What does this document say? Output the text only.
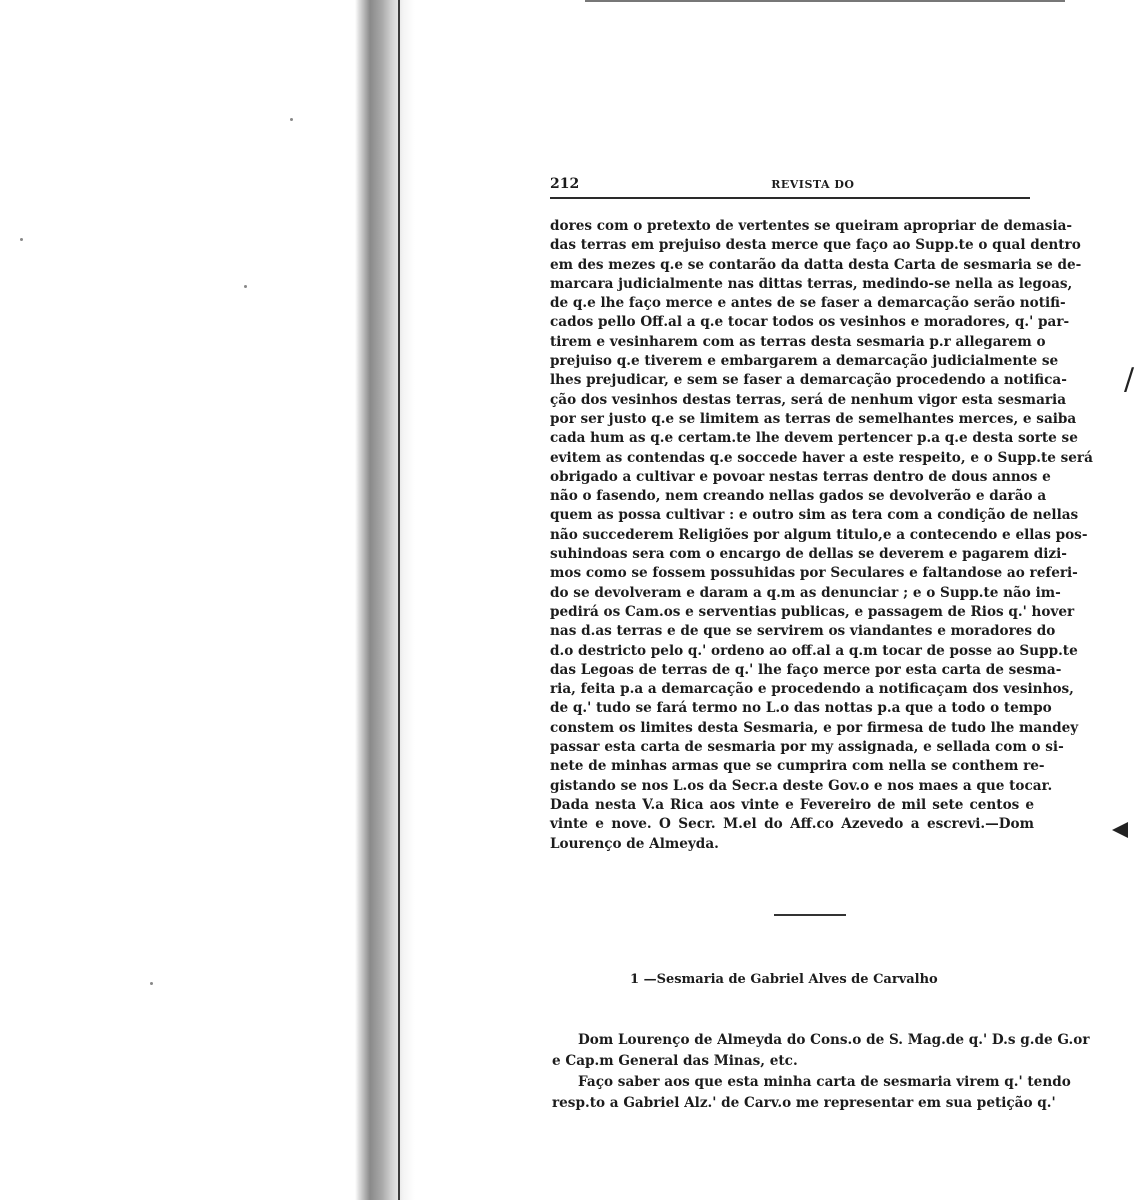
212	REVISTA DO
dores com o pretexto de vertentes se queiram apropriar de demasia-
das terras em prejuiso desta merce que faço ao Supp.te o qual dentro
em des mezes q.e se contarão da datta desta Carta de sesmaria se de-
marcara judicialmente nas dittas terras, medindo-se nella as legoas,
de q.e lhe faço merce e antes de se faser a demarcação serão notifi-
cados pello Off.al a q.e tocar todos os vesinhos e moradores, q.' par-
tirem e vesinharem com as terras desta sesmaria p.r allegarem o
prejuiso q.e tiverem e embargarem a demarcação judicialmente se
lhes prejudicar, e sem se faser a demarcação procedendo a notifica-
ção dos vesinhos destas terras, será de nenhum vigor esta sesmaria
por ser justo q.e se limitem as terras de semelhantes merces, e saiba
cada hum as q.e certam.te lhe devem pertencer p.a q.e desta sorte se
evitem as contendas q.e soccede haver a este respeito, e o Supp.te será
obrigado a cultivar e povoar nestas terras dentro de dous annos e
não o fasendo, nem creando nellas gados se devolverão e darão a
quem as possa cultivar : e outro sim as tera com a condição de nellas
não succederem Religiões por algum titulo,e a contecendo e ellas pos-
suhindoas sera com o encargo de dellas se deverem e pagarem dizi-
mos como se fossem possuhidas por Seculares e faltandose ao referi-
do se devolveram e daram a q.m as denunciar ; e o Supp.te não im-
pedirá os Cam.os e serventias publicas, e passagem de Rios q.' hover
nas d.as terras e de que se servirem os viandantes e moradores do
d.o destricto pelo q.' ordeno ao off.al a q.m tocar de posse ao Supp.te
das Legoas de terras de q.' lhe faço merce por esta carta de sesma-
ria, feita p.a a demarcação e procedendo a notificaçam dos vesinhos,
de q.' tudo se fará termo no L.o das nottas p.a que a todo o tempo
constem os limites desta Sesmaria, e por firmesa de tudo lhe mandey
passar esta carta de sesmaria por my assignada, e sellada com o si-
nete de minhas armas que se cumprira com nella se conthem re-
gistando se nos L.os da Secr.a deste Gov.o e nos maes a que tocar.
Dada nesta V.a Rica aos vinte e Fevereiro de mil sete centos e
vinte e nove. O Secr. M.el do Aff.co Azevedo a escrevi.—Dom
Lourenço de Almeyda.
1 —Sesmaria de Gabriel Alves de Carvalho
Dom Lourenço de Almeyda do Cons.o de S. Mag.de q.' D.s g.de G.or
e Cap.m General das Minas, etc.
Faço saber aos que esta minha carta de sesmaria virem q.' tendo
resp.to a Gabriel Alz.' de Carv.o me representar em sua petição q.'
/
